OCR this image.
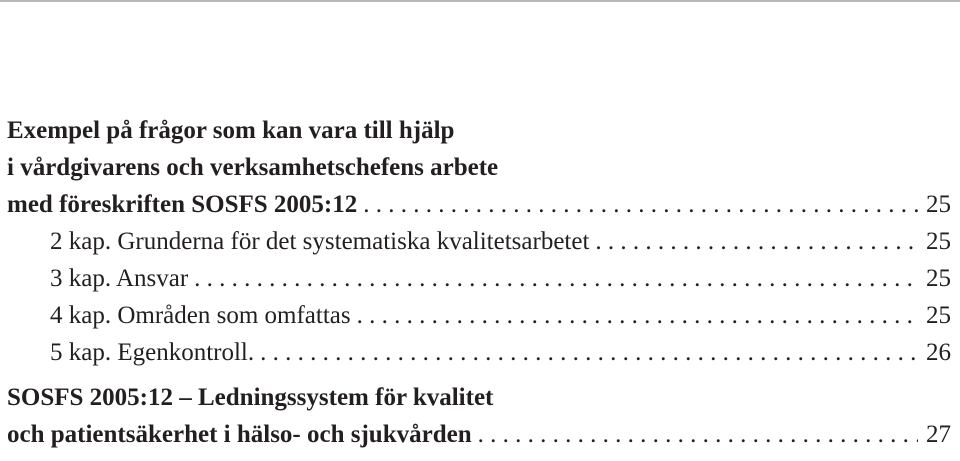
Exempel på frågor som kan vara till hjälp
i vårdgivarens och verksamhetschefens arbete
med föreskriften SOSFS 2005:12 . . .	25
2 kap. Grunderna för det systematiska kvalitetsarbetet . . .	25
3 kap. Ansvar . . .	25
4 kap. Områden som omfattas . . .	25
5 kap. Egenkontroll. . . .	26
SOSFS 2005:12 – Ledningssystem för kvalitet
och patientsäkerhet i hälso- och sjukvården . . .	27
